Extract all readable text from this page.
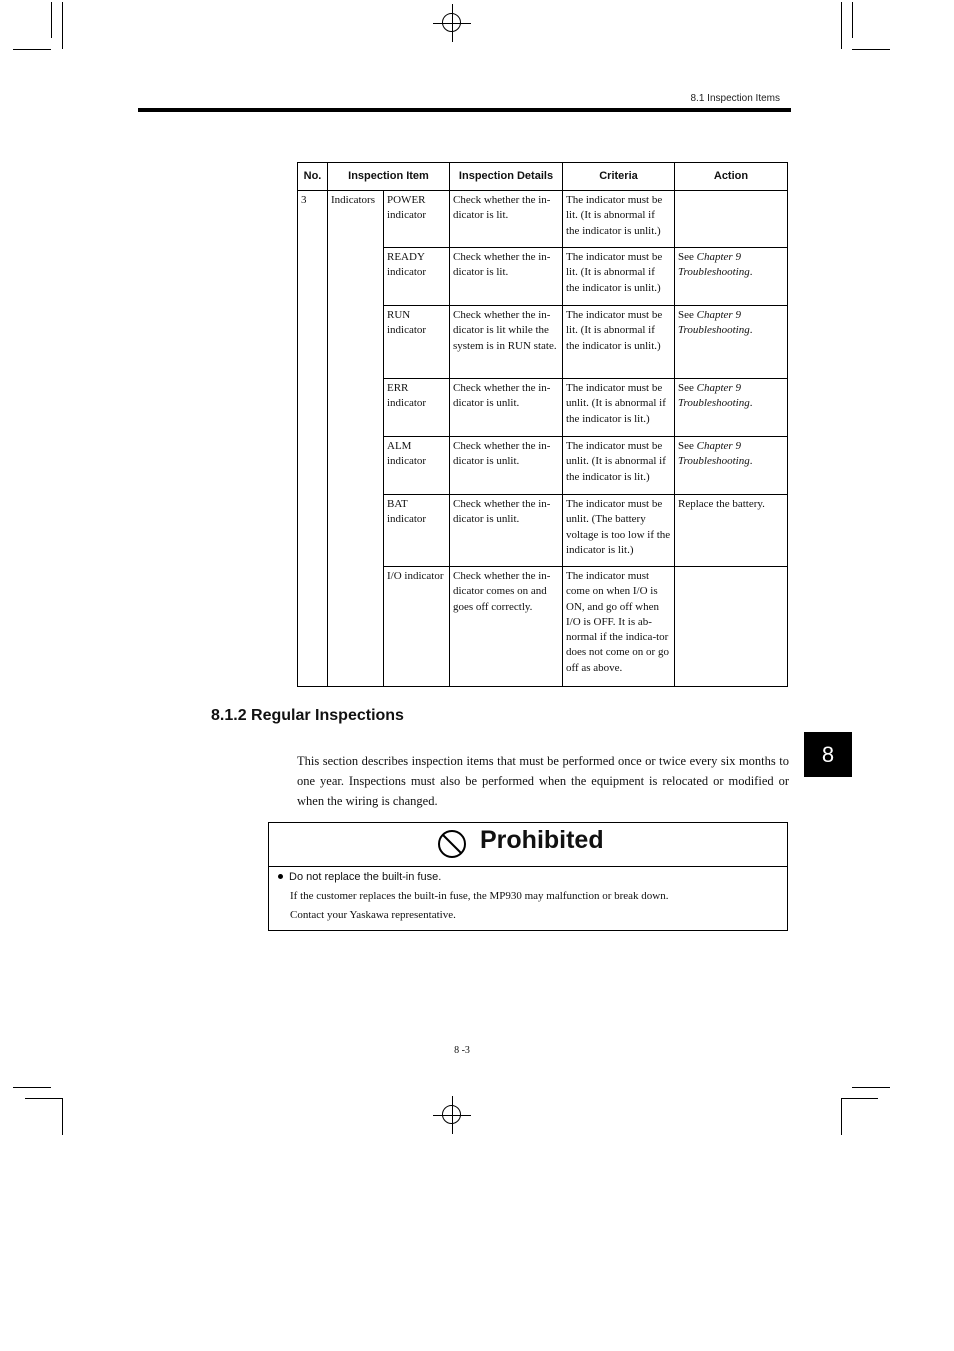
8.1 Inspection Items
No.	Inspection Item		Inspection Details	Criteria	Action
3	Indicators	POWER indicator	Check whether the in-dicator is lit.	The indicator must be lit. (It is abnormal if the indicator is unlit.)	
		READY indicator	Check whether the in-dicator is lit.	The indicator must be lit. (It is abnormal if the indicator is unlit.)	See Chapter 9 Troubleshooting.
		RUN indicator	Check whether the in-dicator is lit while the system is in RUN state.	The indicator must be lit. (It is abnormal if the indicator is unlit.)	See Chapter 9 Troubleshooting.
		ERR indicator	Check whether the in-dicator is unlit.	The indicator must be unlit. (It is abnormal if the indicator is lit.)	See Chapter 9 Troubleshooting.
		ALM indicator	Check whether the in-dicator is unlit.	The indicator must be unlit. (It is abnormal if the indicator is lit.)	See Chapter 9 Troubleshooting.
		BAT indicator	Check whether the in-dicator is unlit.	The indicator must be unlit. (The battery voltage is too low if the indicator is lit.)	Replace the battery.
		I/O indicator	Check whether the in-dicator comes on and goes off correctly.	The indicator must come on when I/O is ON, and go off when I/O is OFF. It is ab-normal if the indica-tor does not come on or go off as above.	
8.1.2 Regular Inspections
This section describes inspection items that must be performed once or twice every six months to one year. Inspections must also be performed when the equipment is relocated or modified or when the wiring is changed.
8
Prohibited
Do not replace the built-in fuse.
If the customer replaces the built-in fuse, the MP930 may malfunction or break down.
Contact your Yaskawa representative.
8 -3
